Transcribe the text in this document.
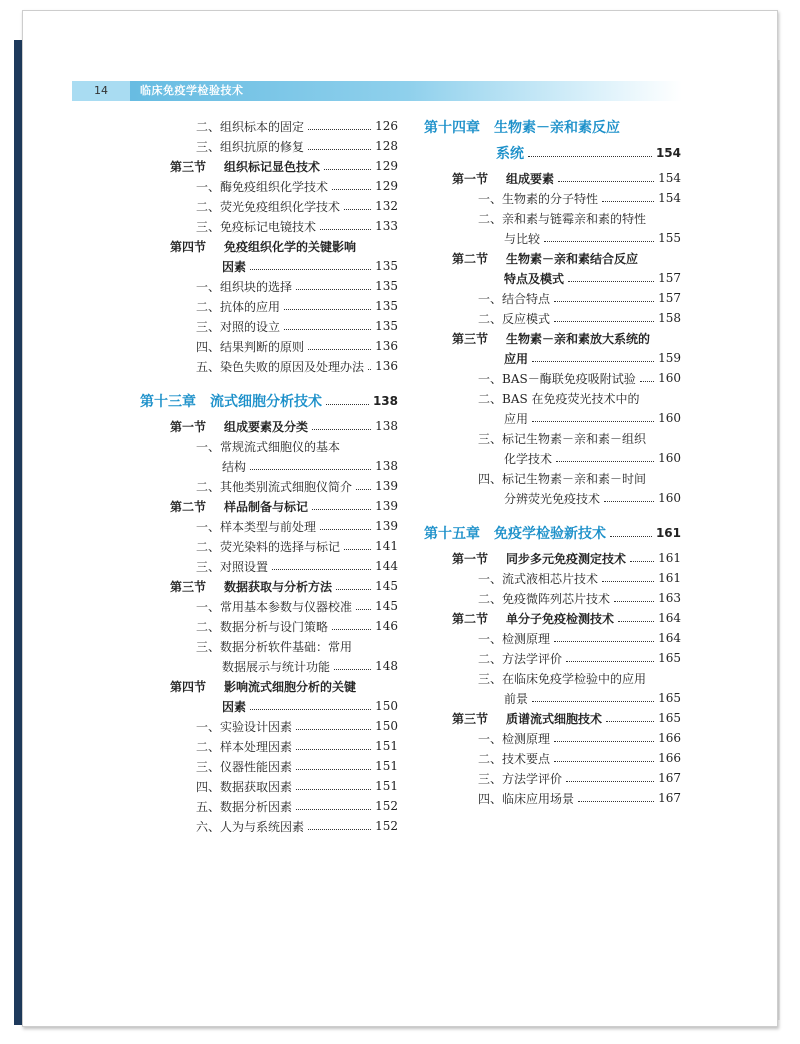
14	临床免疫学检验技术
二、组织标本的固定	126
三、组织抗原的修复	128
第三节 组织标记显色技术	129
一、酶免疫组织化学技术	129
二、荧光免疫组织化学技术	132
三、免疫标记电镜技术	133
第四节 免疫组织化学的关键影响
因素	135
一、组织块的选择	135
二、抗体的应用	135
三、对照的设立	135
四、结果判断的原则	136
五、染色失败的原因及处理办法 136
第十三章　流式细胞分析技术	138
第一节 组成要素及分类	138
一、常规流式细胞仪的基本
结构	138
二、其他类别流式细胞仪简介 139
第二节 样品制备与标记	139
一、样本类型与前处理	139
二、荧光染料的选择与标记	141
三、对照设置	144
第三节 数据获取与分析方法	145
一、常用基本参数与仪器校准 145
二、数据分析与设门策略	146
三、数据分析软件基础：常用
数据展示与统计功能	148
第四节 影响流式细胞分析的关键
因素	150
一、实验设计因素	150
二、样本处理因素	151
三、仪器性能因素	151
四、数据获取因素	151
五、数据分析因素	152
六、人为与系统因素	152
第十四章　生物素－亲和素反应
系统	154
第一节 组成要素	154
一、生物素的分子特性	154
二、亲和素与链霉亲和素的特性
与比较	155
第二节 生物素－亲和素结合反应
特点及模式	157
一、结合特点	157
二、反应模式	158
第三节 生物素－亲和素放大系统的
应用	159
一、BAS－酶联免疫吸附试验 160
二、BAS 在免疫荧光技术中的
应用	160
三、标记生物素－亲和素－组织
化学技术	160
四、标记生物素－亲和素－时间
分辨荧光免疫技术	160
第十五章　免疫学检验新技术	161
第一节 同步多元免疫测定技术	161
一、流式液相芯片技术	161
二、免疫微阵列芯片技术	163
第二节 单分子免疫检测技术	164
一、检测原理	164
二、方法学评价	165
三、在临床免疫学检验中的应用
前景	165
第三节 质谱流式细胞技术	165
一、检测原理	166
二、技术要点	166
三、方法学评价	167
四、临床应用场景	167
